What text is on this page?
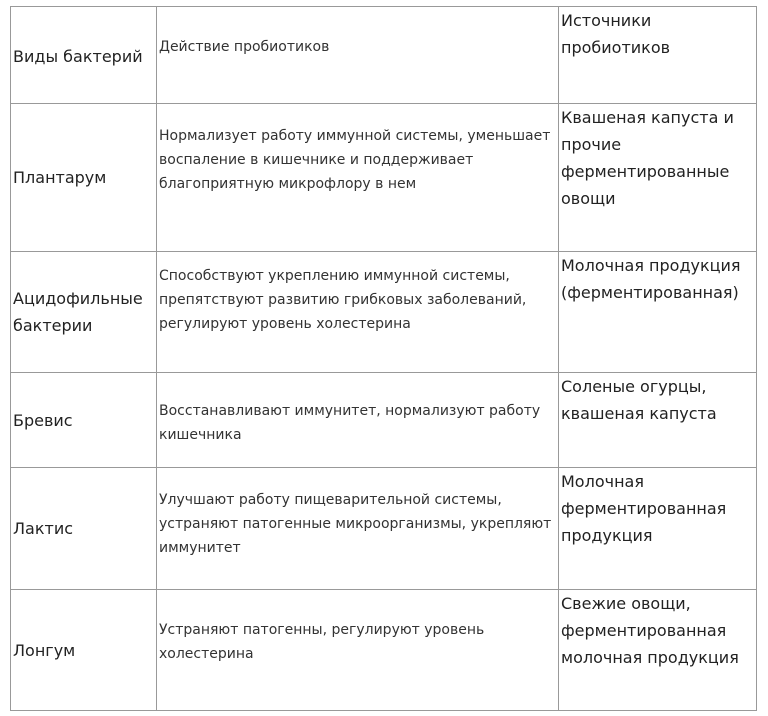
Виды бактерий	Действие пробиотиков	Источники пробиотиков
Плантарум	Нормализует работу иммунной системы, уменьшает воспаление в кишечнике и поддерживает благоприятную микрофлору в нем	Квашеная капуста и прочие ферментированные овощи
Ацидофильные бактерии	Способствуют укреплению иммунной системы, препятствуют развитию грибковых заболеваний, регулируют уровень холестерина	Молочная продукция (ферментированная)
Бревис	Восстанавливают иммунитет, нормализуют работу кишечника	Соленые огурцы, квашеная капуста
Лактис	Улучшают работу пищеварительной системы, устраняют патогенные микроорганизмы, укрепляют иммунитет	Молочная ферментированная продукция
Лонгум	Устраняют патогенны, регулируют уровень холестерина	Свежие овощи, ферментированная молочная продукция
